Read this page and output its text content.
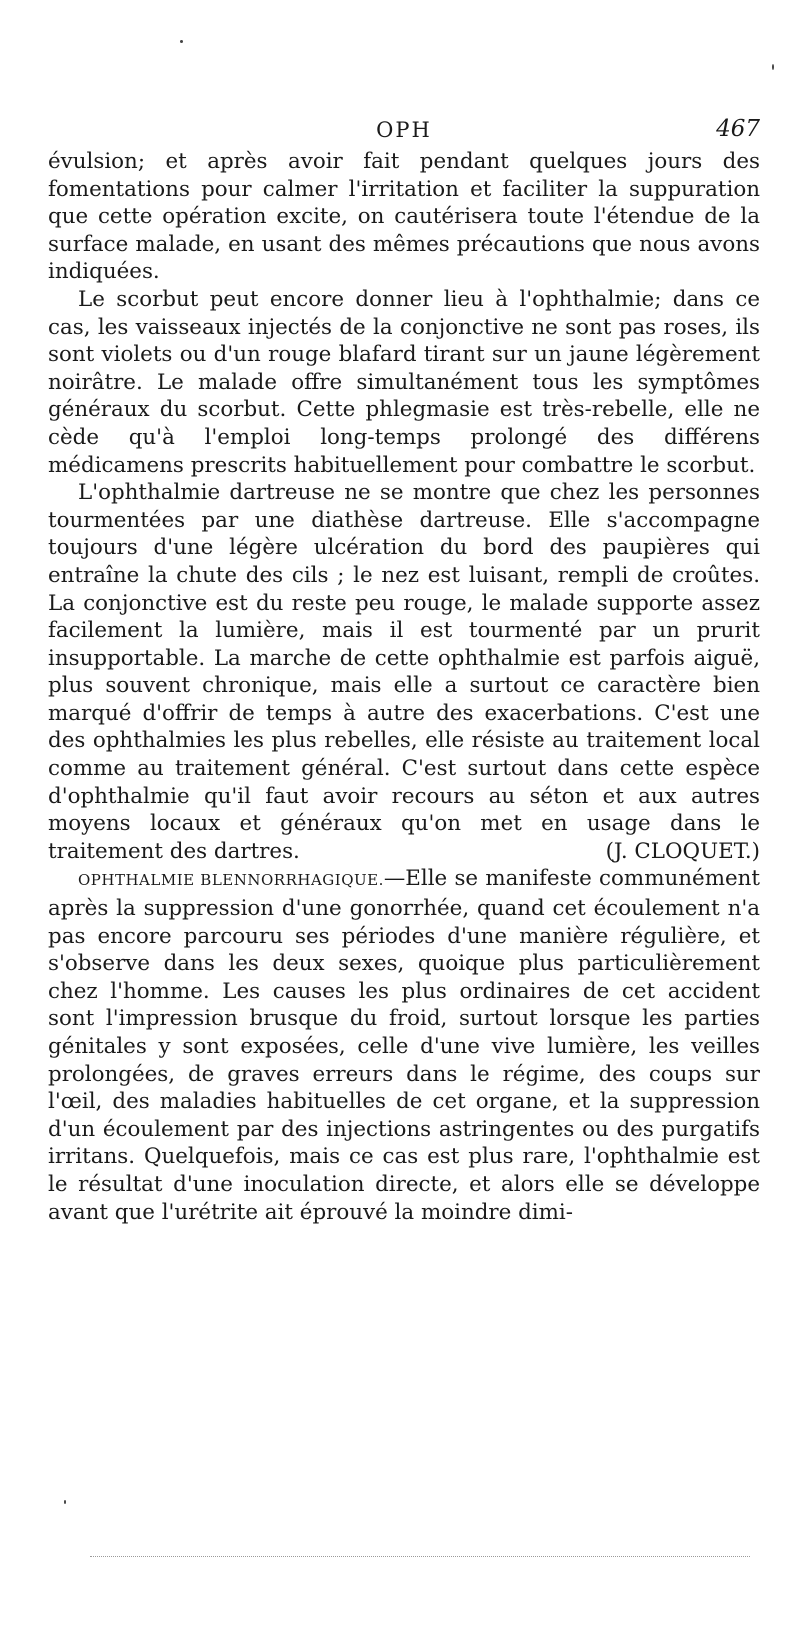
OPH	467

évulsion; et après avoir fait pendant quelques jours des fomentations pour calmer l'irritation et faciliter la suppuration que cette opération excite, on cautérisera toute l'étendue de la surface malade, en usant des mêmes précautions que nous avons indiquées.

Le scorbut peut encore donner lieu à l'ophthalmie; dans ce cas, les vaisseaux injectés de la conjonctive ne sont pas roses, ils sont violets ou d'un rouge blafard tirant sur un jaune légèrement noirâtre. Le malade offre simultanément tous les symptômes généraux du scorbut. Cette phlegmasie est très-rebelle, elle ne cède qu'à l'emploi long-temps prolongé des différens médicamens prescrits habituellement pour combattre le scorbut.

L'ophthalmie dartreuse ne se montre que chez les personnes tourmentées par une diathèse dartreuse. Elle s'accompagne toujours d'une légère ulcération du bord des paupières qui entraîne la chute des cils ; le nez est luisant, rempli de croûtes. La conjonctive est du reste peu rouge, le malade supporte assez facilement la lumière, mais il est tourmenté par un prurit insupportable. La marche de cette ophthalmie est parfois aiguë, plus souvent chronique, mais elle a surtout ce caractère bien marqué d'offrir de temps à autre des exacerbations. C'est une des ophthalmies les plus rebelles, elle résiste au traitement local comme au traitement général. C'est surtout dans cette espèce d'ophthalmie qu'il faut avoir recours au séton et aux autres moyens locaux et généraux qu'on met en usage dans le traitement des dartres.	(J. CLOQUET.)

OPHTHALMIE BLENNORRHAGIQUE.—Elle se manifeste communément après la suppression d'une gonorrhée, quand cet écoulement n'a pas encore parcouru ses périodes d'une manière régulière, et s'observe dans les deux sexes, quoique plus particulièrement chez l'homme. Les causes les plus ordinaires de cet accident sont l'impression brusque du froid, surtout lorsque les parties génitales y sont exposées, celle d'une vive lumière, les veilles prolongées, de graves erreurs dans le régime, des coups sur l'œil, des maladies habituelles de cet organe, et la suppression d'un écoulement par des injections astringentes ou des purgatifs irritans. Quelquefois, mais ce cas est plus rare, l'ophthalmie est le résultat d'une inoculation directe, et alors elle se développe avant que l'urétrite ait éprouvé la moindre dimi-
